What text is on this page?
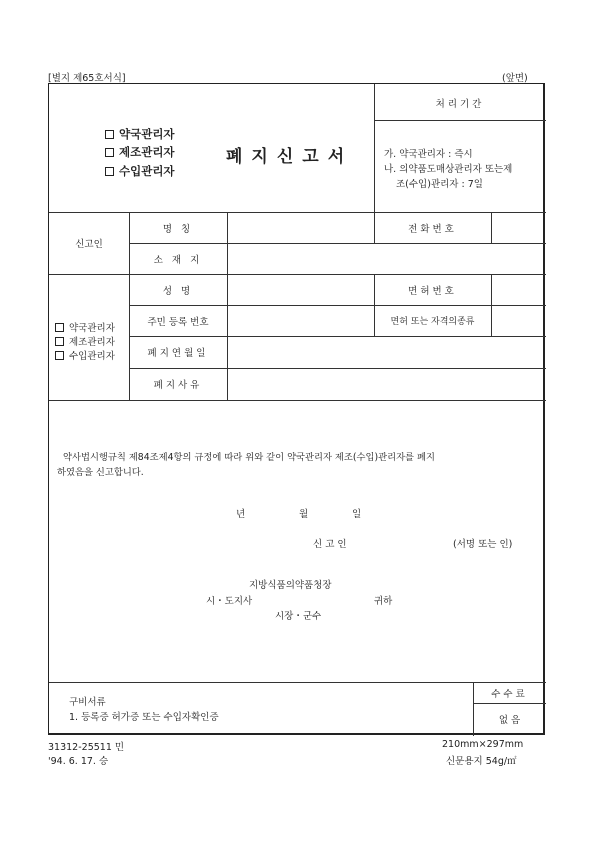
[별지 제65호서식]	(앞면)
약국관리자
제조관리자
수입관리자
폐지신고서
처리기간
가. 약국관리자 : 즉시
나. 의약품도매상관리자 또는제
조(수입)관리자 : 7일
신고인
명 칭	전화번호
소 재 지
약국관리자
제조관리자
수입관리자
성 명	면허번호
주민 등록 번호	면허 또는 자격의종류
폐지연월일
폐지사유
약사법시행규칙 제84조제4항의 규정에 따라 위와 같이 약국관리자 제조(수입)관리자를 폐지
하였음을 신고합니다.
년	월	일
신 고 인	(서명 또는 인)
지방식품의약품청장
시・도지사	귀하
시장・군수
구비서류
1. 등록증 허가증 또는 수입자확인증
수수료
없 음
31312-25511 민
'94. 6. 17. 승
210mm×297mm
신문용지 54g/㎡
